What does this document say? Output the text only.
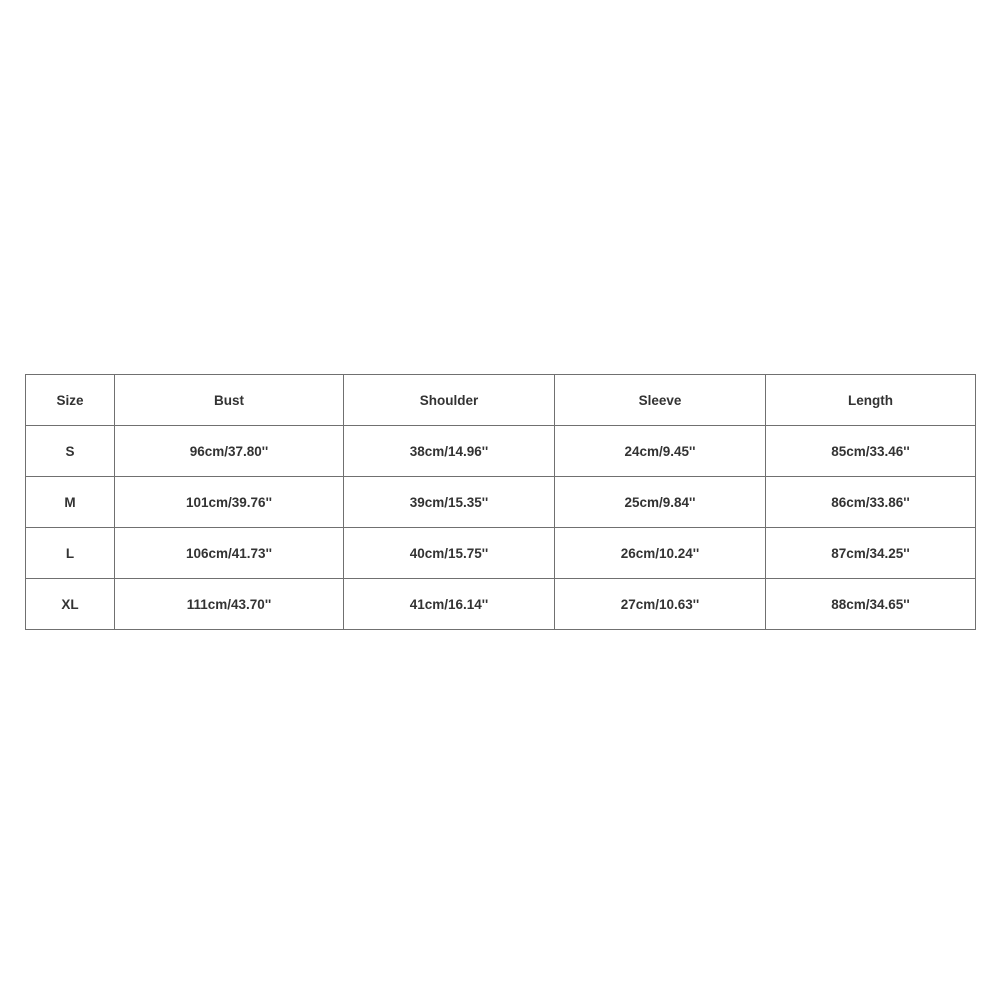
Size	Bust	Shoulder	Sleeve	Length
S	96cm/37.80''	38cm/14.96''	24cm/9.45''	85cm/33.46''
M	101cm/39.76''	39cm/15.35''	25cm/9.84''	86cm/33.86''
L	106cm/41.73''	40cm/15.75''	26cm/10.24''	87cm/34.25''
XL	111cm/43.70''	41cm/16.14''	27cm/10.63''	88cm/34.65''
